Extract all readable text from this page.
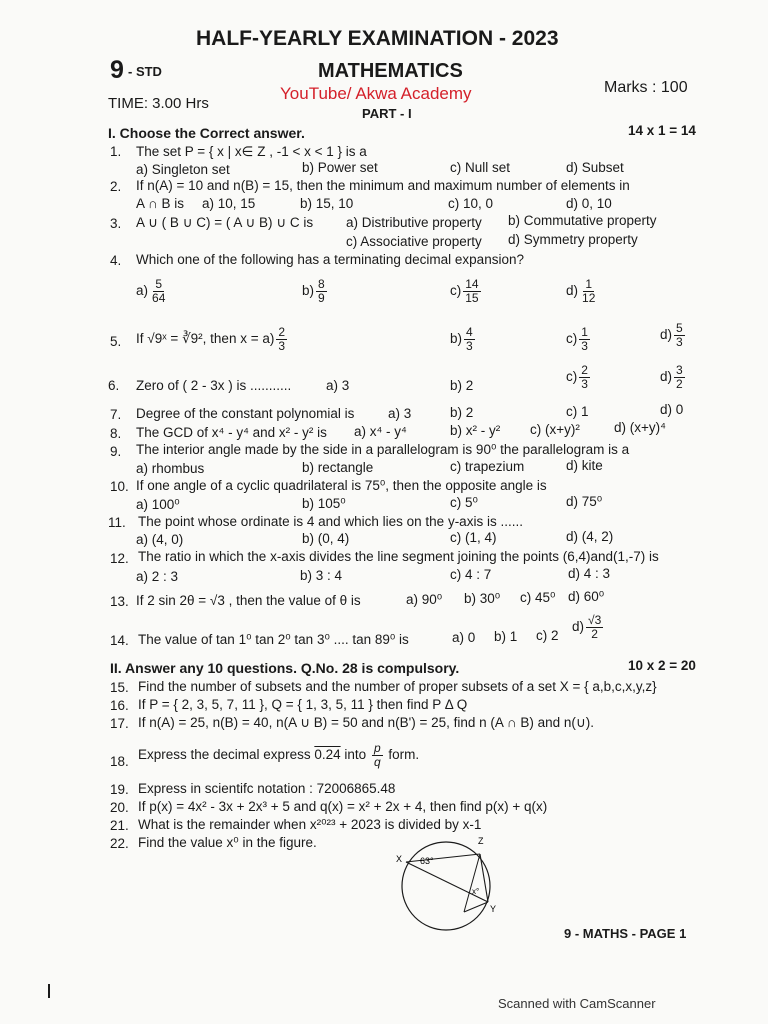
HALF-YEARLY EXAMINATION - 2023
9 - STD	MATHEMATICS
YouTube/ Akwa Academy	Marks : 100
TIME: 3.00 Hrs
PART - I
I. Choose the Correct answer.	14 x 1 = 14
1. The set P = { x | x∈ Z , -1 < x < 1 } is a
a) Singleton set	b) Power set	c) Null set	d) Subset
2. If n(A) = 10 and n(B) = 15, then the minimum and maximum number of elements in
A ∩ B is a) 10, 15	b) 15, 10	c) 10, 0	d) 0, 10
3. A ∪ ( B ∪ C) = ( A ∪ B) ∪ C is a) Distributive property b) Commutative property
c) Associative property d) Symmetry property
4. Which one of the following has a terminating decimal expansion?
$a) \frac{5}{64}$	$b) \frac{8}{9}$	$c) \frac{14}{15}$	$d) \frac{1}{12}$
5. If √9ˣ = ∛9², then $x = a) \frac{2}{3}$	$b) \frac{4}{3}$	$c) \frac{1}{3}$	$d) \frac{5}{3}$
6. Zero of ( 2 - 3x ) is ...........	a) 3	b) 2
$c) \frac{2}{3}$	$d) \frac{3}{2}$
7. Degree of the constant polynomial is a) 3	b) 2	c) 1	d) 0
8. The GCD of x⁴ - y⁴ and x² - y² is a) x⁴ - y⁴	b) x² - y² c) (x+y)²	d) (x+y)⁴
9. The interior angle made by the side in a parallelogram is 90⁰ the parallelogram is a
a) rhombus	b) rectangle	c) trapezium	d) kite
10. If one angle of a cyclic quadrilateral is 75⁰, then the opposite angle is
a) 100⁰	b) 105⁰	c) 5⁰	d) 75⁰
11. The point whose ordinate is 4 and which lies on the y-axis is ......
a) (4, 0)	b) (0, 4)	c) (1, 4)	d) (4, 2)
12. The ratio in which the x-axis divides the line segment joining the points (6,4)and(1,-7) is
a) 2 : 3	b) 3 : 4	c) 4 : 7	d) 4 : 3
13. If 2 sin 2θ = √3 , then the value of θ is	a) 90⁰ b) 30⁰ c) 45⁰ d) 60⁰
14. The value of tan 1⁰ tan 2⁰ tan 3⁰ .... tan 89⁰ is	a) 0 b) 1 c) 2
$d) \frac{√3}{2}$
II. Answer any 10 questions. Q.No. 28 is compulsory.	10 x 2 = 20
15. Find the number of subsets and the number of proper subsets of a set X = { a,b,c,x,y,z}
16. If P = { 2, 3, 5, 7, 11 }, Q = { 1, 3, 5, 11 } then find P Δ Q
17. If n(A) = 25, n(B) = 40, n(A ∪ B) = 50 and n(B') = 25, find n (A ∩ B) and n(∪).
18. Express the decimal express 0.24 into $\frac{p}{q}$ form.
19. Express in scientifc notation : 72006865.48
20. If p(x) = 4x² - 3x + 2x³ + 5 and q(x) = x² + 2x + 4, then find p(x) + q(x)
21. What is the remainder when x²⁰²³ + 2023 is divided by x-1
22. Find the value x⁰ in the figure.
X
Z
Y
63°
x°
9 - MATHS - PAGE 1
Scanned with CamScanner
